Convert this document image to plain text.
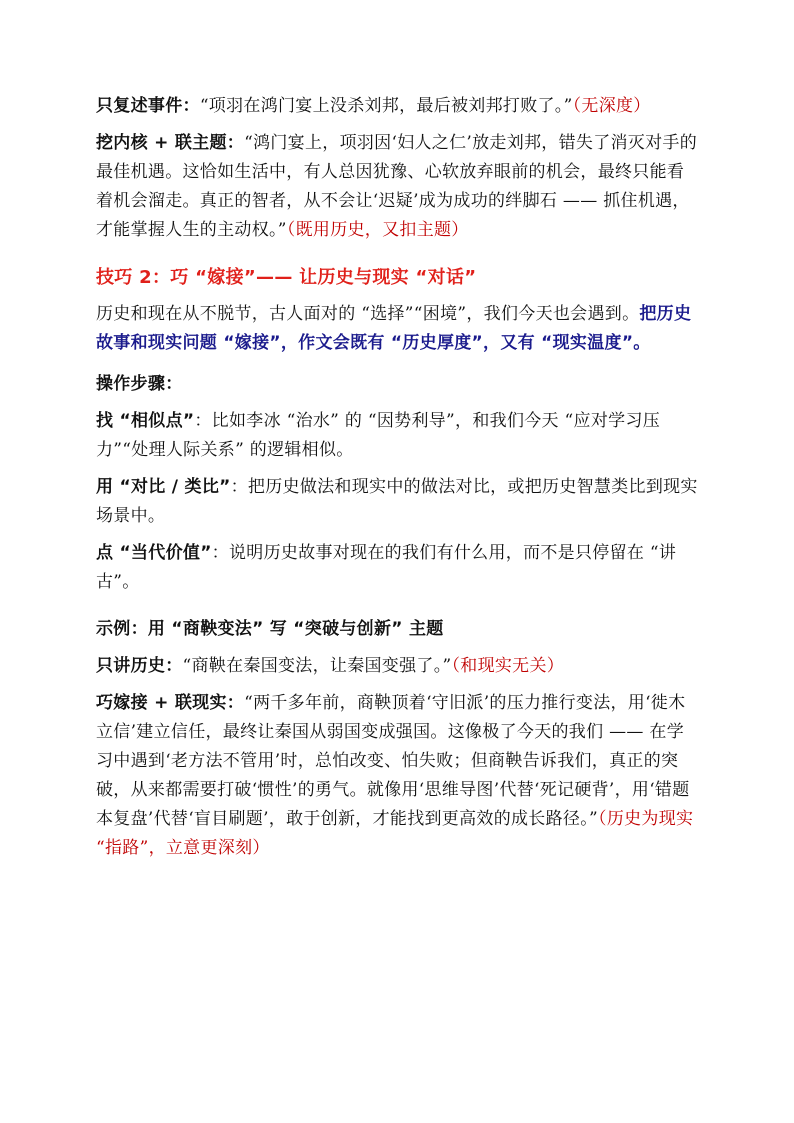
只复述事件：“项羽在鸿门宴上没杀刘邦，最后被刘邦打败了。”（无深度）

挖内核 + 联主题：“鸿门宴上，项羽因‘妇人之仁’放走刘邦，错失了消灭对手的最佳机遇。这恰如生活中，有人总因犹豫、心软放弃眼前的机会，最终只能看着机会溜走。真正的智者，从不会让‘迟疑’成为成功的绊脚石 —— 抓住机遇，才能掌握人生的主动权。”（既用历史，又扣主题）

技巧 2：巧 “嫁接”—— 让历史与现实 “对话”

历史和现在从不脱节，古人面对的 “选择”“困境”，我们今天也会遇到。把历史故事和现实问题 “嫁接”，作文会既有 “历史厚度”，又有 “现实温度”。

操作步骤：

找 “相似点”：比如李冰 “治水” 的 “因势利导”，和我们今天 “应对学习压力”“处理人际关系” 的逻辑相似。

用 “对比 / 类比”：把历史做法和现实中的做法对比，或把历史智慧类比到现实场景中。

点 “当代价值”：说明历史故事对现在的我们有什么用，而不是只停留在 “讲古”。

示例：用 “商鞅变法” 写 “突破与创新” 主题

只讲历史：“商鞅在秦国变法，让秦国变强了。”（和现实无关）

巧嫁接 + 联现实：“两千多年前，商鞅顶着‘守旧派’的压力推行变法，用‘徙木立信’建立信任，最终让秦国从弱国变成强国。这像极了今天的我们 —— 在学习中遇到‘老方法不管用’时，总怕改变、怕失败；但商鞅告诉我们，真正的突破，从来都需要打破‘惯性’的勇气。就像用‘思维导图’代替‘死记硬背’，用‘错题本复盘’代替‘盲目刷题’，敢于创新，才能找到更高效的成长路径。”（历史为现实 “指路”，立意更深刻）
